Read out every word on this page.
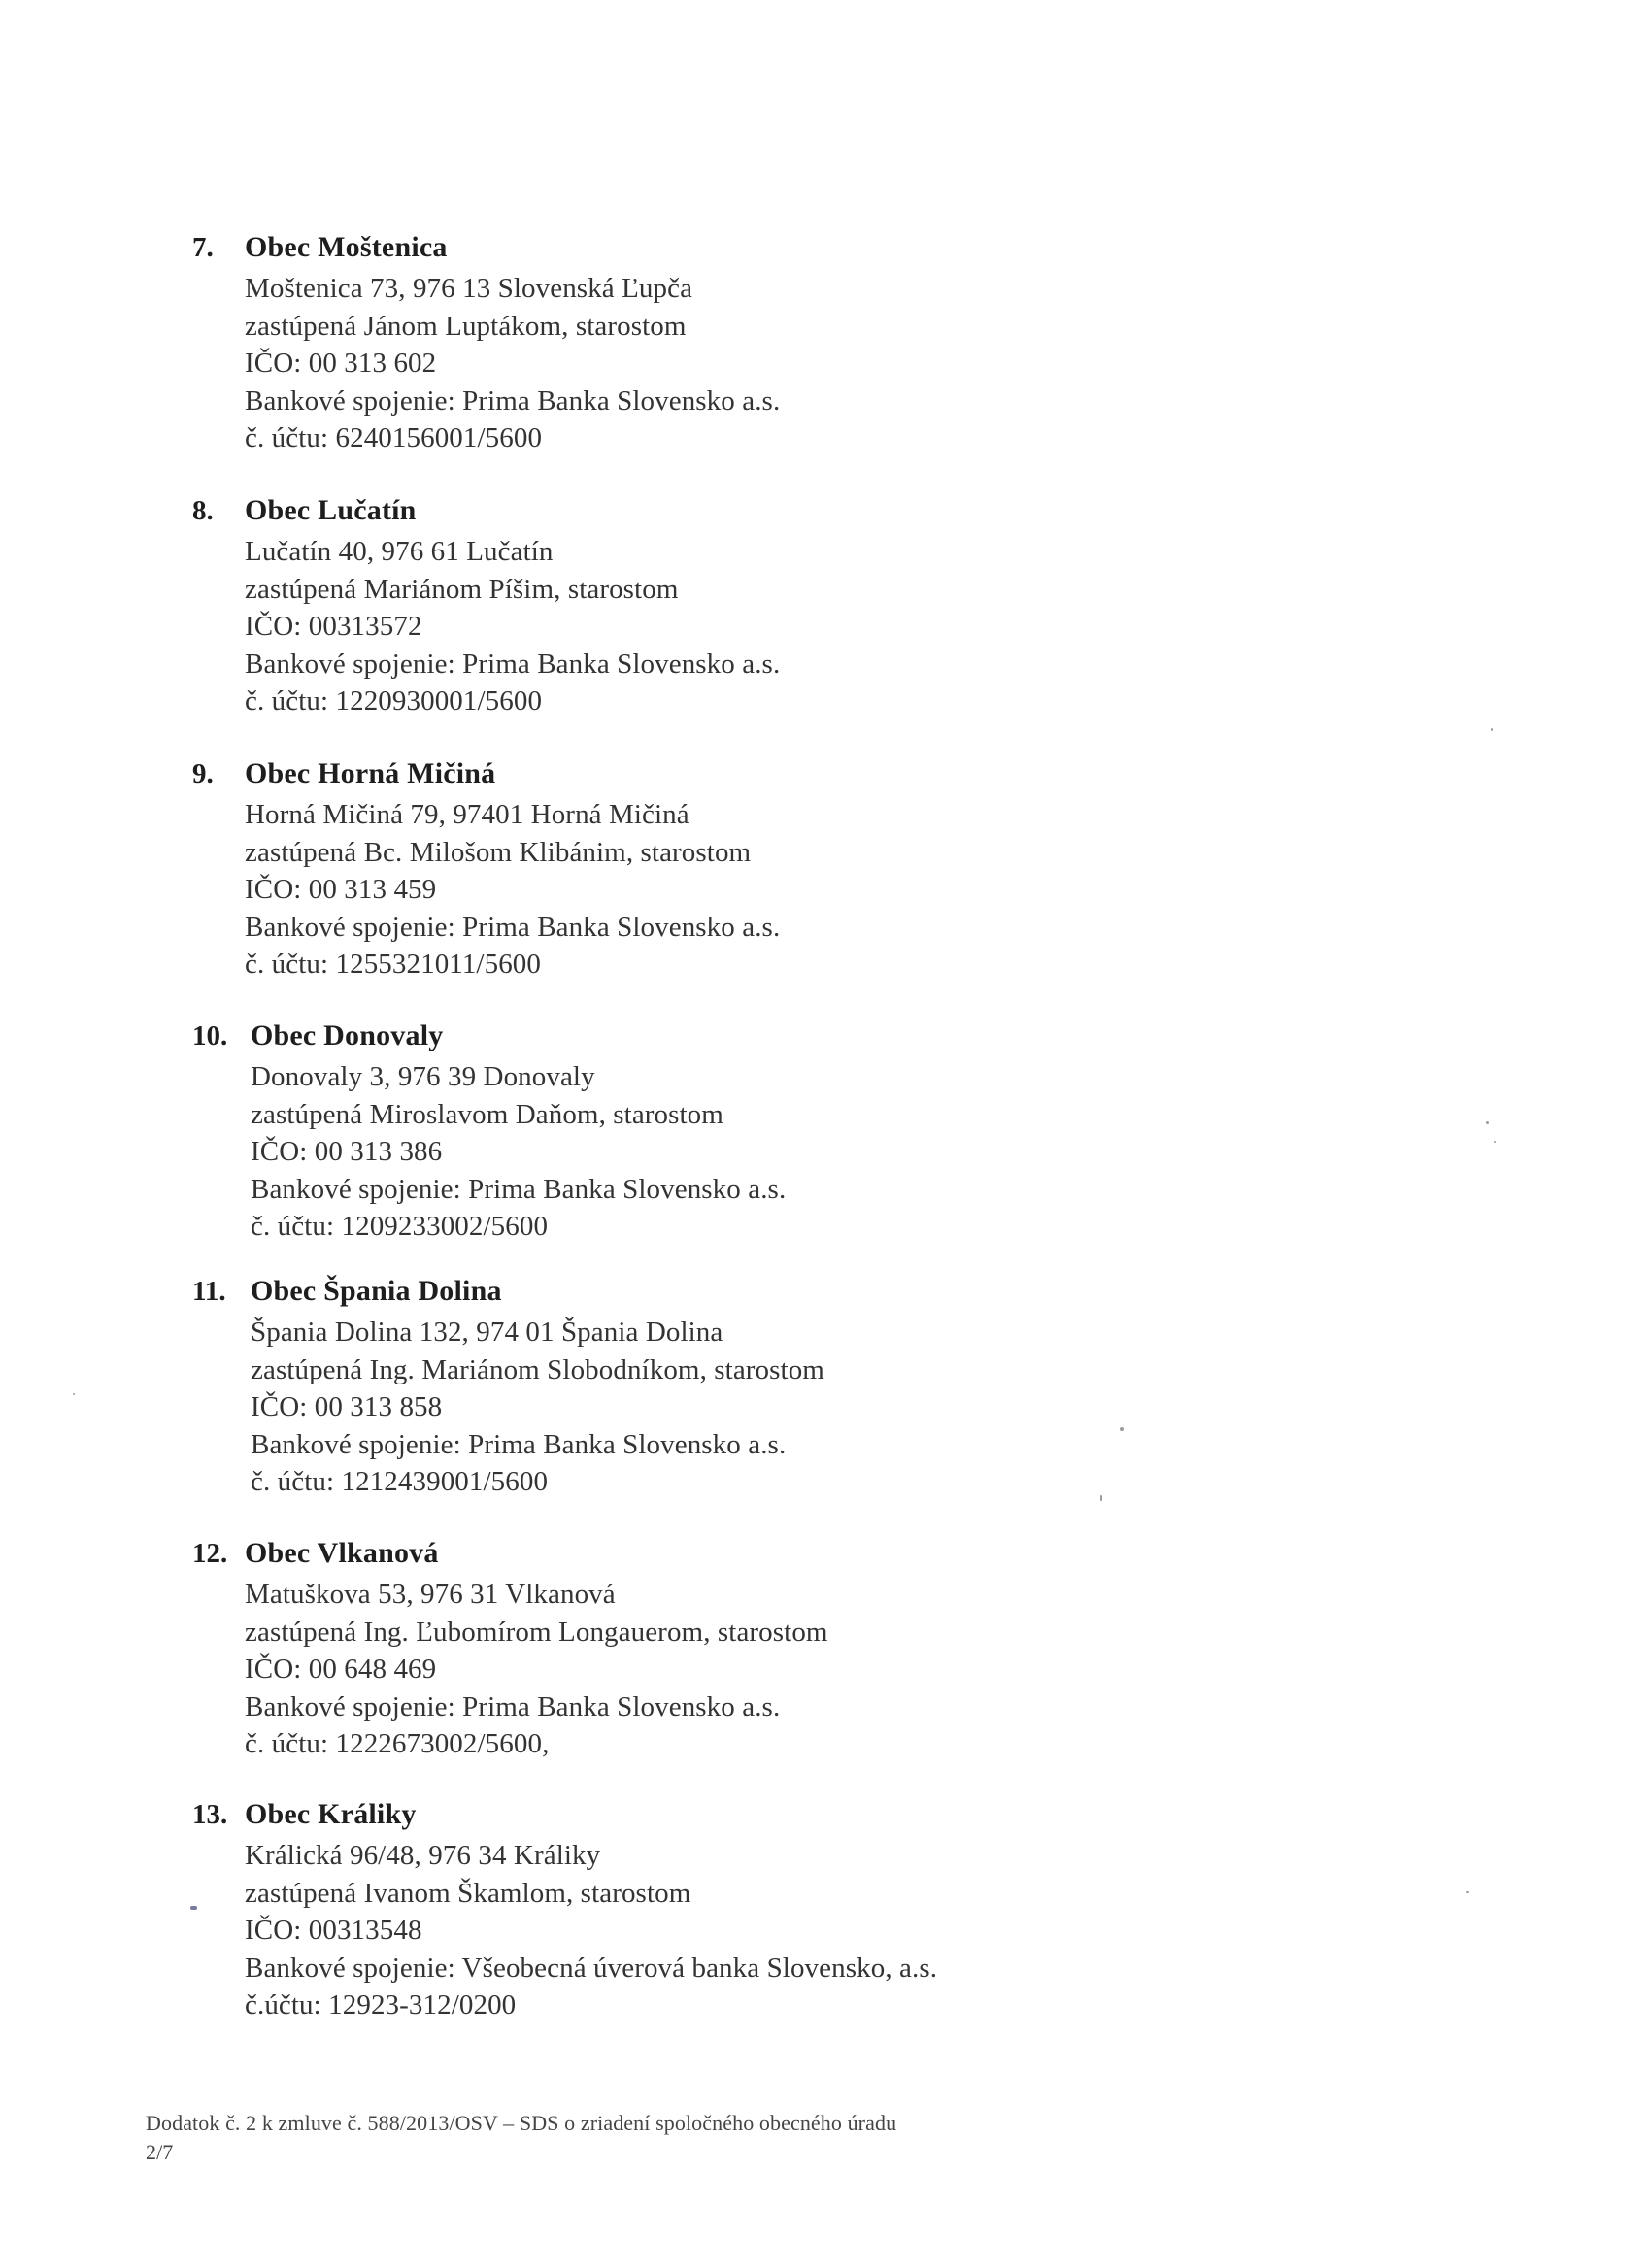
7.	Obec Moštenica
Moštenica 73, 976 13 Slovenská Ľupča
zastúpená Jánom Luptákom, starostom
IČO: 00 313 602
Bankové spojenie: Prima Banka Slovensko a.s.
č. účtu: 6240156001/5600
8.	Obec Lučatín
Lučatín 40, 976 61 Lučatín
zastúpená Mariánom Píšim, starostom
IČO: 00313572
Bankové spojenie: Prima Banka Slovensko a.s.
č. účtu: 1220930001/5600
9.	Obec Horná Mičiná
Horná Mičiná 79, 97401 Horná Mičiná
zastúpená Bc. Milošom Klibánim, starostom
IČO: 00 313 459
Bankové spojenie: Prima Banka Slovensko a.s.
č. účtu: 1255321011/5600
10. Obec Donovaly
Donovaly 3, 976 39 Donovaly
zastúpená Miroslavom Daňom, starostom
IČO: 00 313 386
Bankové spojenie: Prima Banka Slovensko a.s.
č. účtu: 1209233002/5600
11. Obec Špania Dolina
Špania Dolina 132, 974 01 Špania Dolina
zastúpená Ing. Mariánom Slobodníkom, starostom
IČO: 00 313 858
Bankové spojenie: Prima Banka Slovensko a.s.
č. účtu: 1212439001/5600
12. Obec Vlkanová
Matuškova 53, 976 31 Vlkanová
zastúpená Ing. Ľubomírom Longauerom, starostom
IČO: 00 648 469
Bankové spojenie: Prima Banka Slovensko a.s.
č. účtu: 1222673002/5600,
13. Obec Králiky
Králická 96/48, 976 34 Králiky
zastúpená Ivanom Škamlom, starostom
IČO: 00313548
Bankové spojenie: Všeobecná úverová banka Slovensko, a.s.
č.účtu: 12923-312/0200
Dodatok č. 2 k zmluve č. 588/2013/OSV – SDS o zriadení spoločného obecného úradu
2/7
